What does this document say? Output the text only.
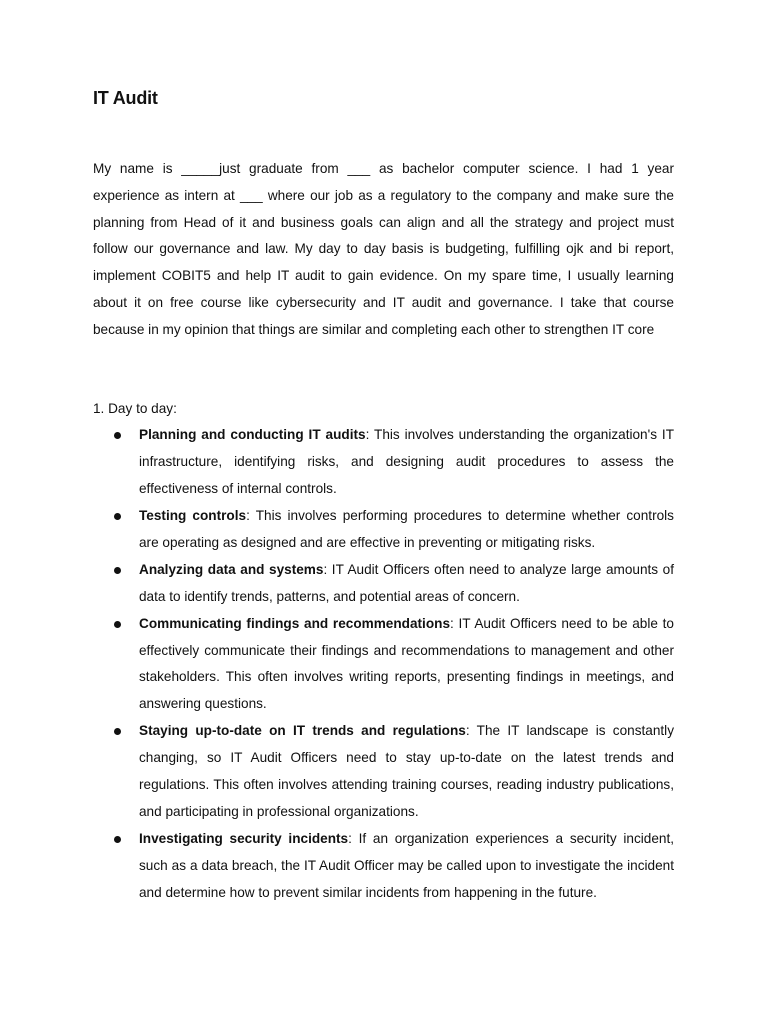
IT Audit

My name is _____just graduate from ___ as bachelor computer science. I had 1 year experience as intern at ___ where our job as a regulatory to the company and make sure the planning from Head of it and business goals can align and all the strategy and project must follow our governance and law. My day to day basis is budgeting, fulfilling ojk and bi report, implement COBIT5 and help IT audit to gain evidence. On my spare time, I usually learning about it on free course like cybersecurity and IT audit and governance. I take that course because in my opinion that things are similar and completing each other to strengthen IT core

1. Day to day:

Planning and conducting IT audits: This involves understanding the organization's IT infrastructure, identifying risks, and designing audit procedures to assess the effectiveness of internal controls.
Testing controls: This involves performing procedures to determine whether controls are operating as designed and are effective in preventing or mitigating risks.
Analyzing data and systems: IT Audit Officers often need to analyze large amounts of data to identify trends, patterns, and potential areas of concern.
Communicating findings and recommendations: IT Audit Officers need to be able to effectively communicate their findings and recommendations to management and other stakeholders. This often involves writing reports, presenting findings in meetings, and answering questions.
Staying up-to-date on IT trends and regulations: The IT landscape is constantly changing, so IT Audit Officers need to stay up-to-date on the latest trends and regulations. This often involves attending training courses, reading industry publications, and participating in professional organizations.
Investigating security incidents: If an organization experiences a security incident, such as a data breach, the IT Audit Officer may be called upon to investigate the incident and determine how to prevent similar incidents from happening in the future.
